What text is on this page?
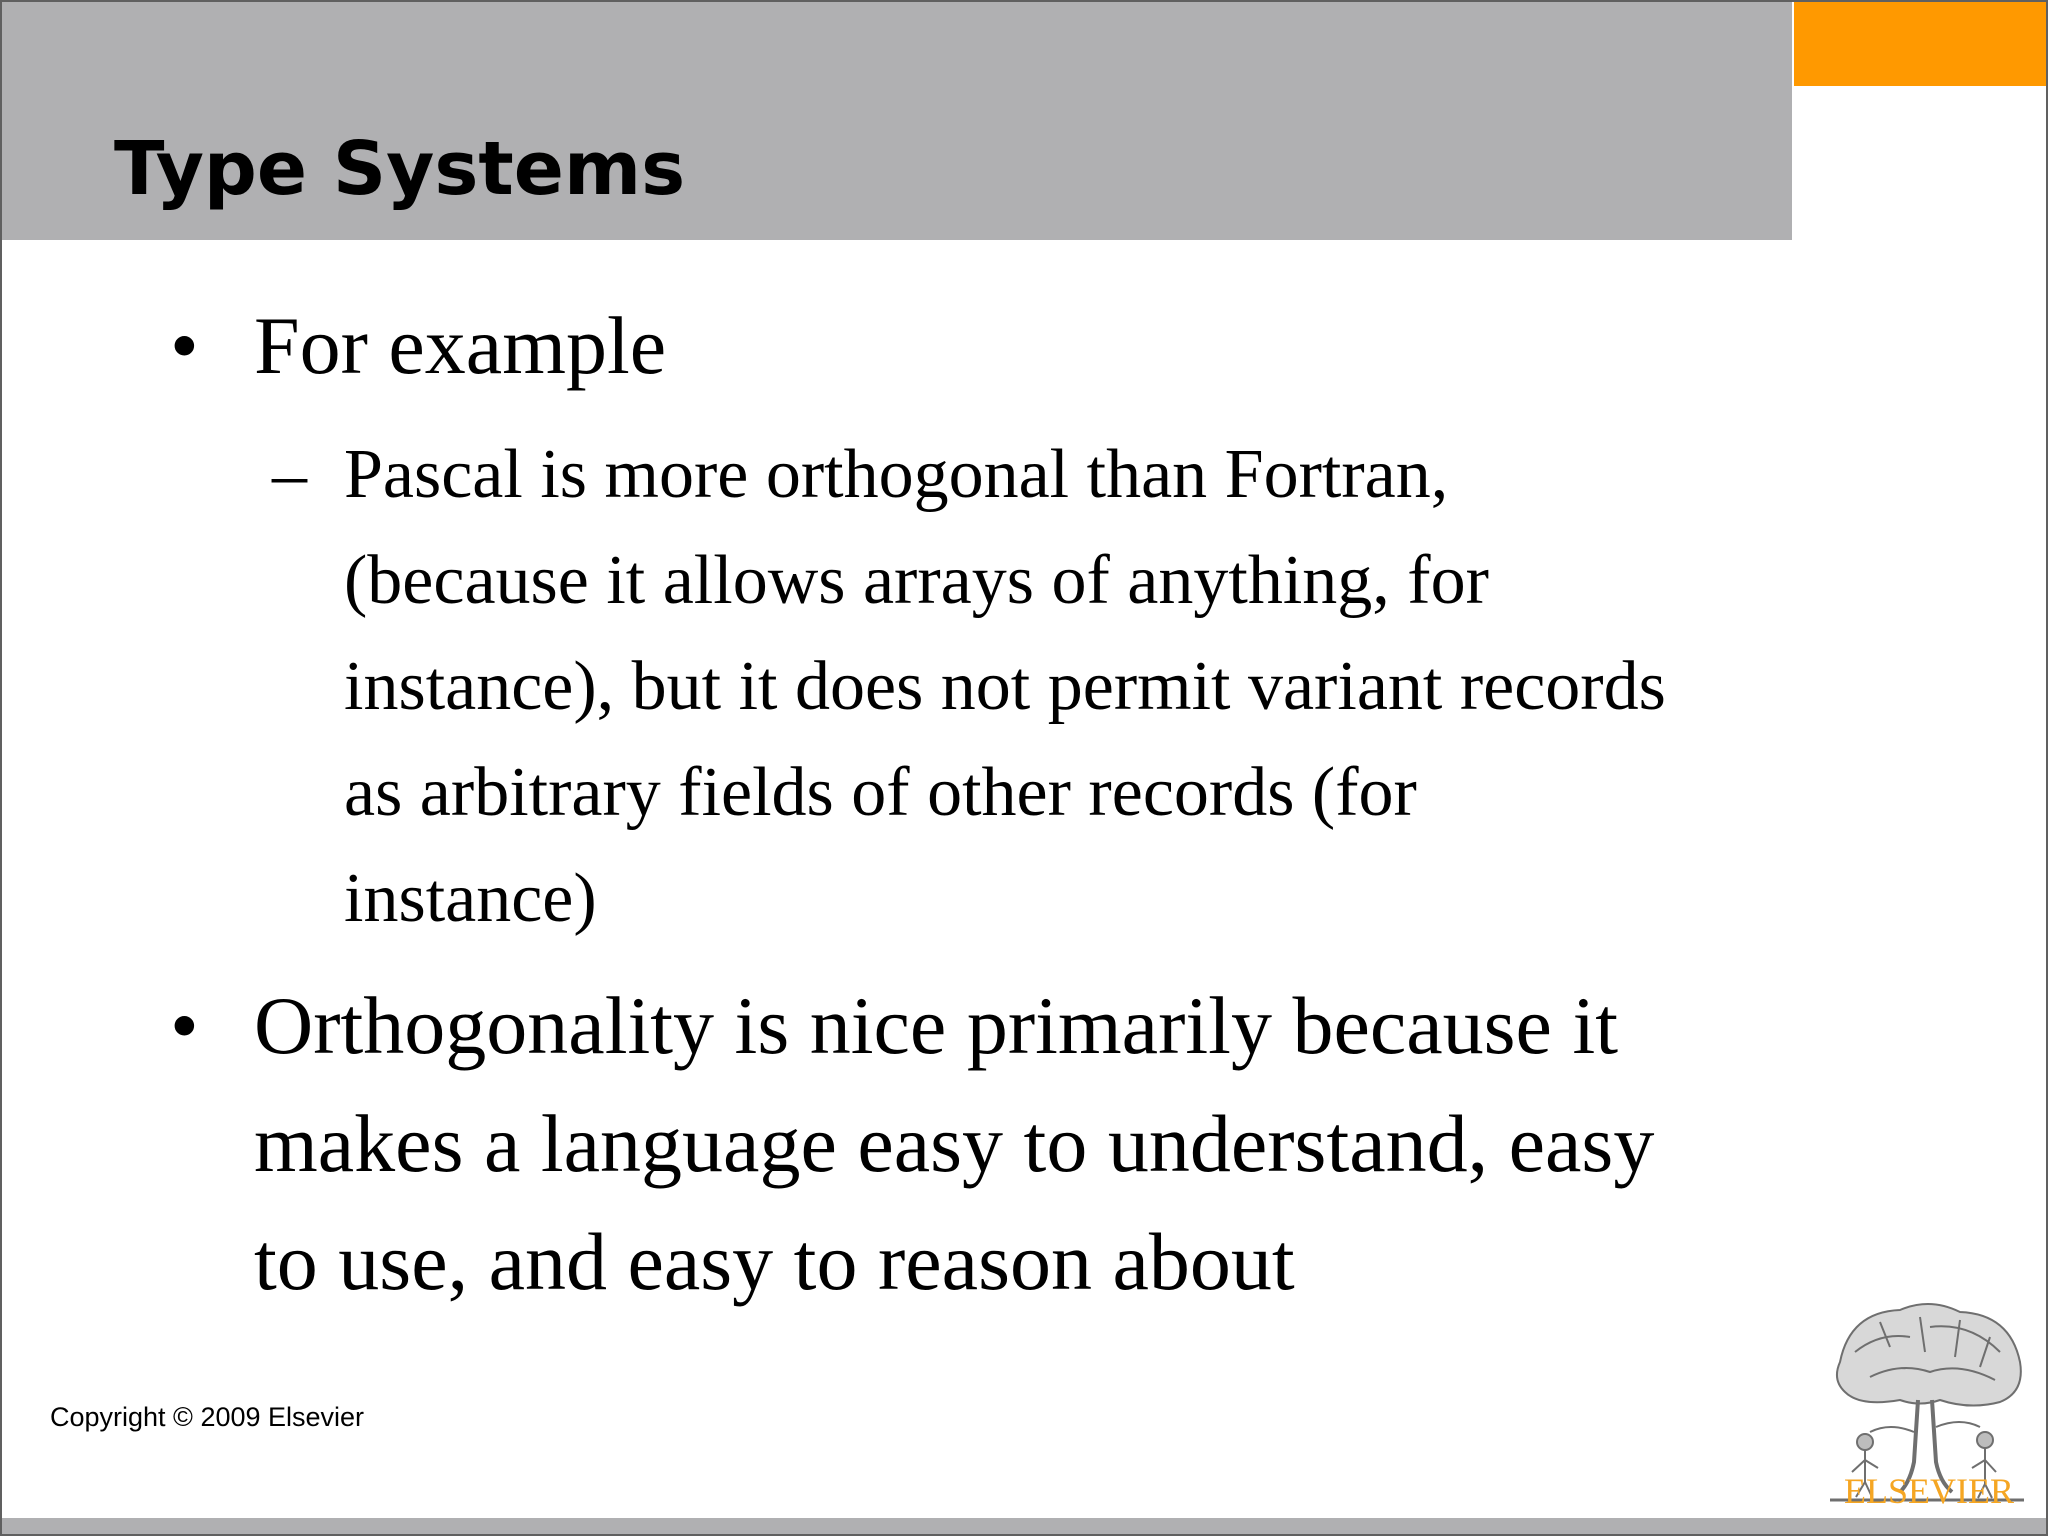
Type Systems
• For example
– Pascal is more orthogonal than Fortran,
(because it allows arrays of anything, for
instance), but it does not permit variant records
as arbitrary fields of other records (for
instance)
• Orthogonality is nice primarily because it
makes a language easy to understand, easy
to use, and easy to reason about
Copyright © 2009 Elsevier
ELSEVIER
